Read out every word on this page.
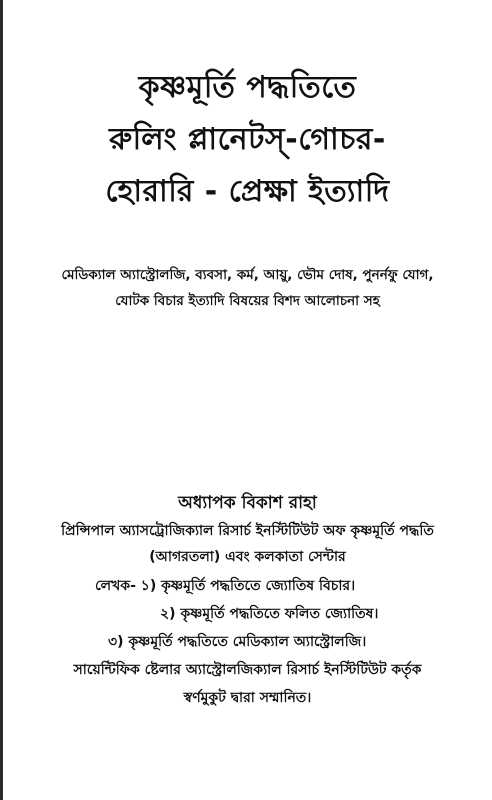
কৃষ্ণমূর্তি পদ্ধতিতে

রুলিং প্লানেটস্-গোচর-

হোরারি - প্রেক্ষা ইত্যাদি

মেডিক্যাল অ্যাস্ট্রোলজি, ব্যবসা, কর্ম, আয়ু, ভৌম দোষ, পুনর্নফু যোগ,

যোটক বিচার ইত্যাদি বিষয়ের বিশদ আলোচনা সহ

অধ্যাপক বিকাশ রাহা

প্রিন্সিপাল অ্যাসট্রোজিক্যাল রিসার্চ ইনস্টিটিউট অফ কৃষ্ণমূর্তি পদ্ধতি

(আগরতলা) এবং কলকাতা সেন্টার

লেখক- ১) কৃষ্ণমূর্তি পদ্ধতিতে জ্যোতিষ বিচার।
২) কৃষ্ণমূর্তি পদ্ধতিতে ফলিত জ্যোতিষ।
৩) কৃষ্ণমূর্তি পদ্ধতিতে মেডিক্যাল অ্যাস্ট্রোলজি।

সায়েন্টিফিক ষ্টেলার অ্যাস্ট্রোলজিক্যাল রিসার্চ ইনস্টিটিউট কর্তৃক

স্বর্ণমুকুট দ্বারা সম্মানিত।
